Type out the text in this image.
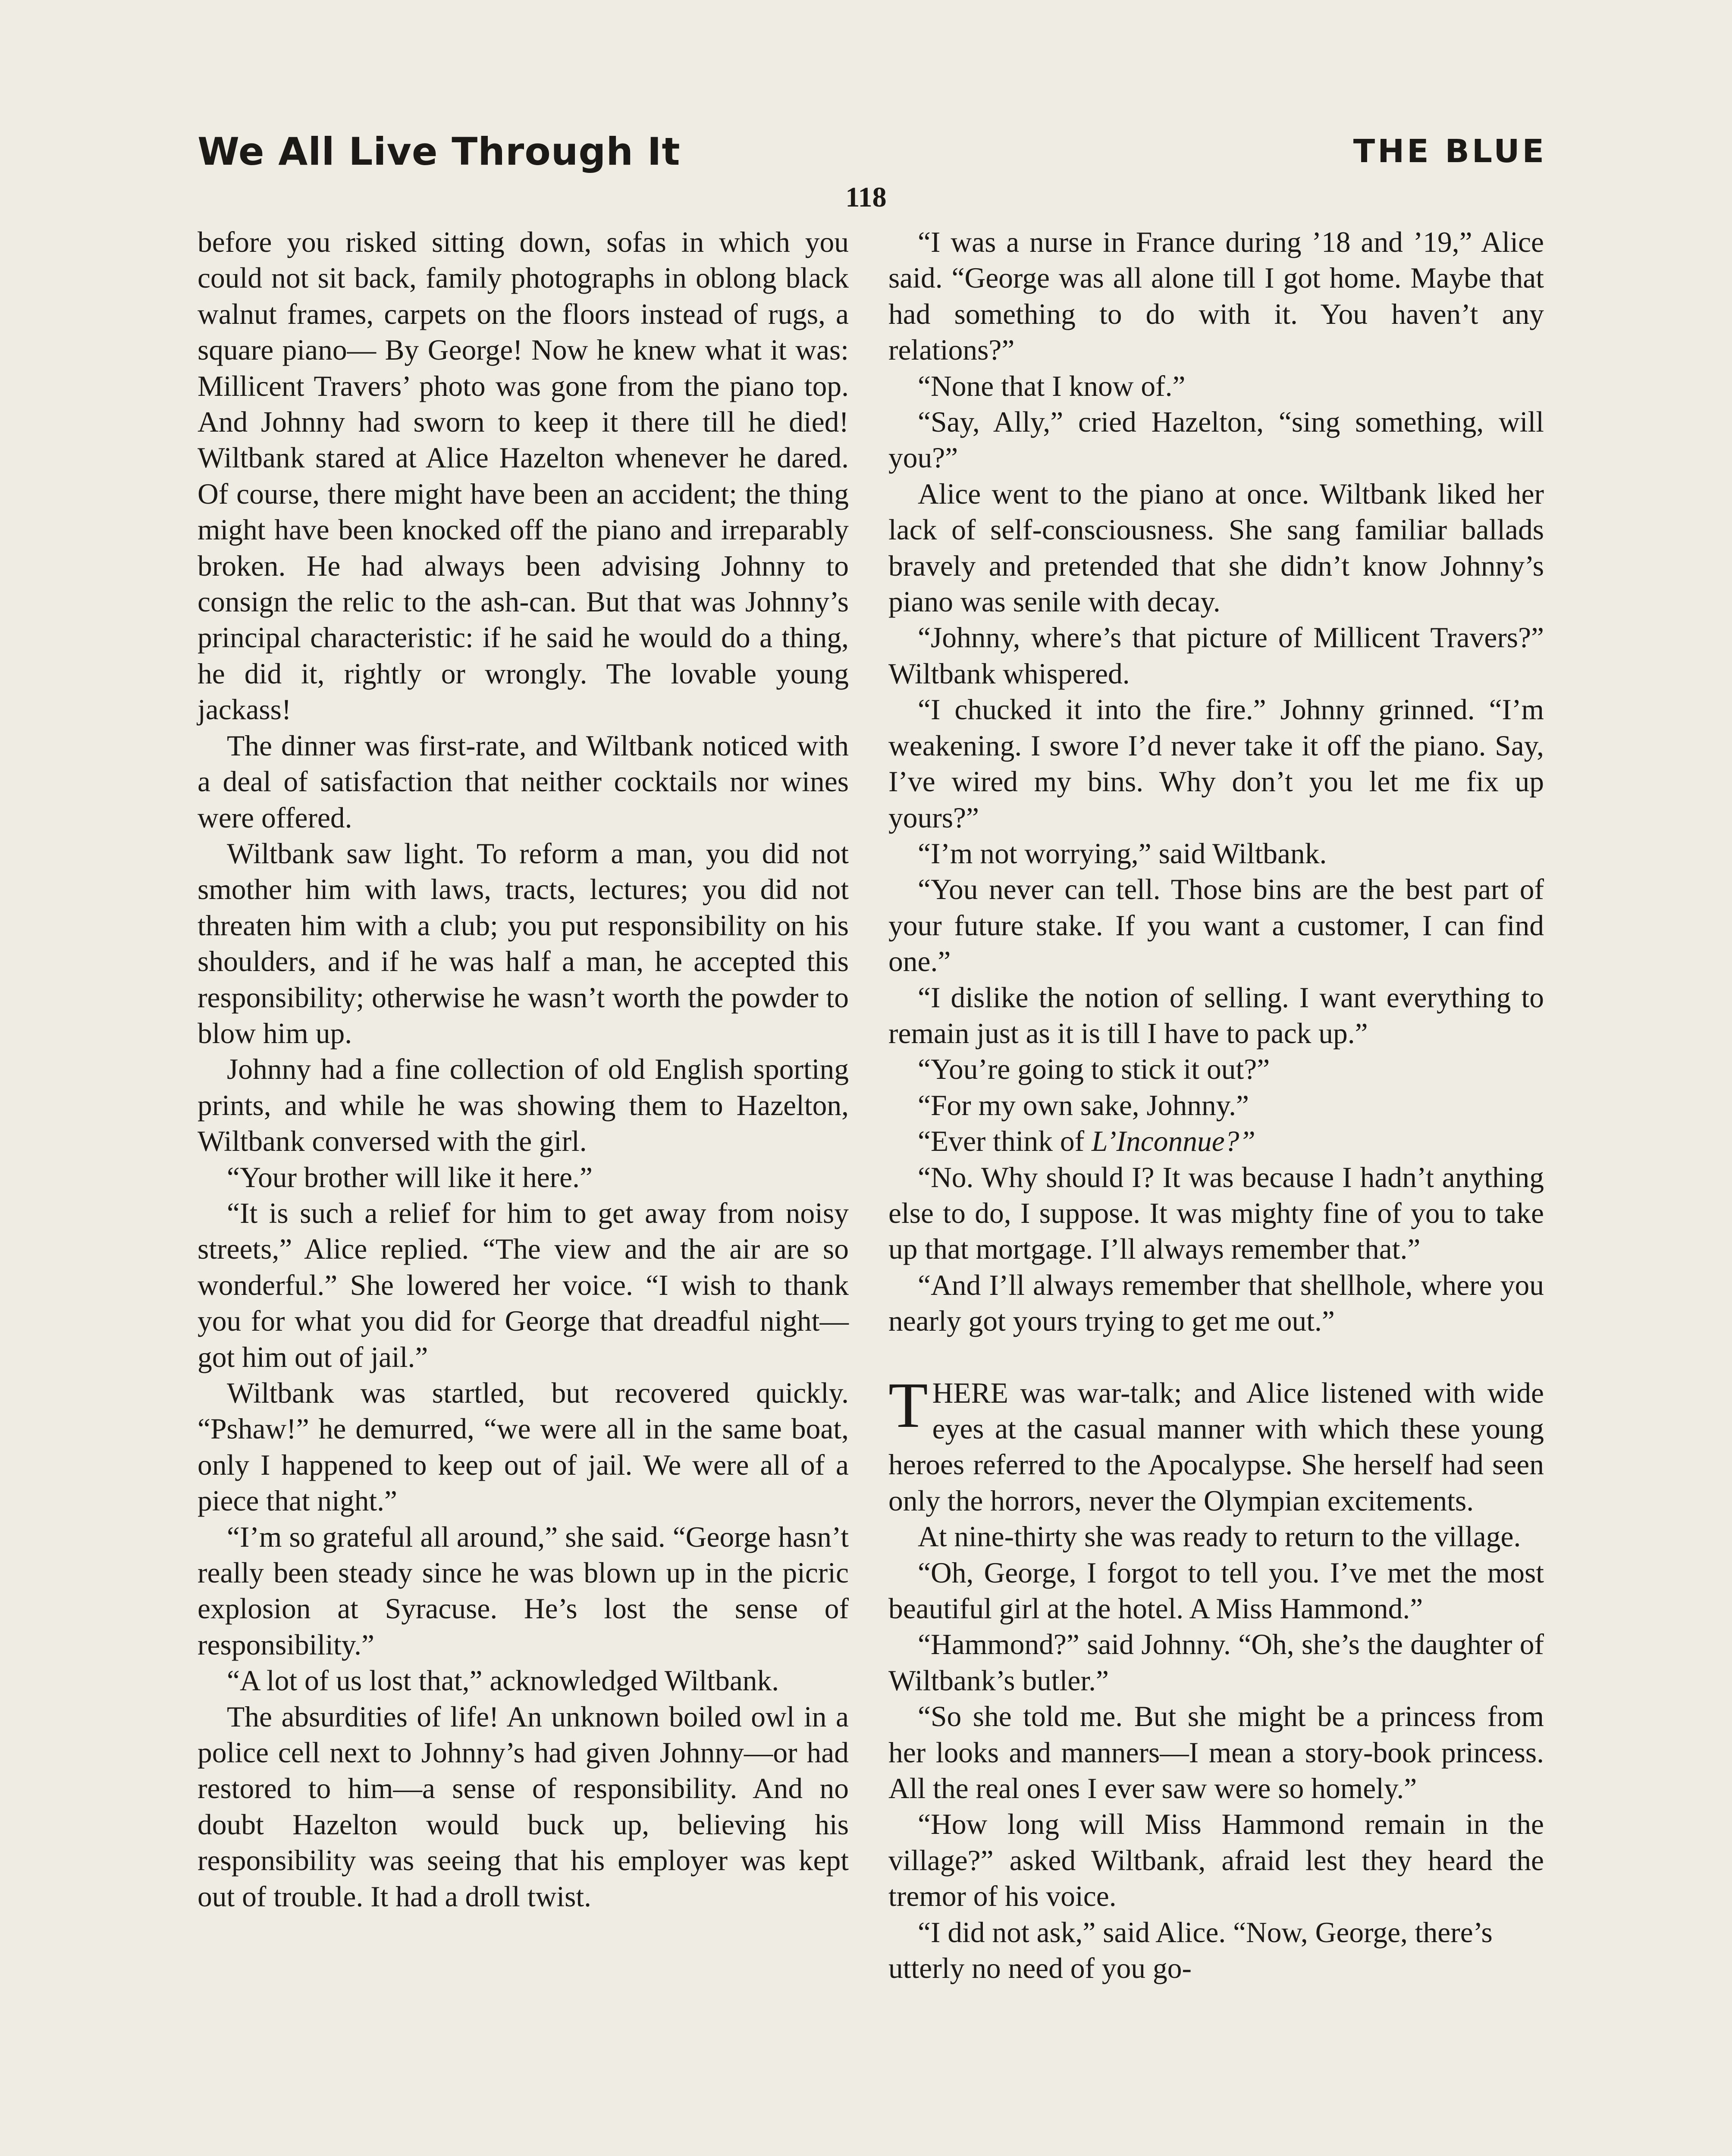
We All Live Through It	THE BLUE
118

before you risked sitting down, sofas in which you could not sit back, family photographs in oblong black walnut frames, carpets on the floors instead of rugs, a square piano— By George! Now he knew what it was: Millicent Travers’ photo was gone from the piano top. And Johnny had sworn to keep it there till he died! Wiltbank stared at Alice Hazelton whenever he dared. Of course, there might have been an accident; the thing might have been knocked off the piano and irreparably broken. He had always been advising Johnny to consign the relic to the ash-can. But that was Johnny’s principal characteristic: if he said he would do a thing, he did it, rightly or wrongly. The lovable young jackass!

The dinner was first-rate, and Wiltbank noticed with a deal of satisfaction that neither cocktails nor wines were offered.

Wiltbank saw light. To reform a man, you did not smother him with laws, tracts, lectures; you did not threaten him with a club; you put responsibility on his shoulders, and if he was half a man, he accepted this responsibility; otherwise he wasn’t worth the powder to blow him up.

Johnny had a fine collection of old English sporting prints, and while he was showing them to Hazelton, Wiltbank conversed with the girl.

“Your brother will like it here.”

“It is such a relief for him to get away from noisy streets,” Alice replied. “The view and the air are so wonderful.” She lowered her voice. “I wish to thank you for what you did for George that dreadful night—got him out of jail.”

Wiltbank was startled, but recovered quickly. “Pshaw!” he demurred, “we were all in the same boat, only I happened to keep out of jail. We were all of a piece that night.”

“I’m so grateful all around,” she said. “George hasn’t really been steady since he was blown up in the picric explosion at Syracuse. He’s lost the sense of responsibility.”

“A lot of us lost that,” acknowledged Wiltbank.

The absurdities of life! An unknown boiled owl in a police cell next to Johnny’s had given Johnny—or had restored to him—a sense of responsibility. And no doubt Hazelton would buck up, believing his responsibility was seeing that his employer was kept out of trouble. It had a droll twist.

“I was a nurse in France during ’18 and ’19,” Alice said. “George was all alone till I got home. Maybe that had something to do with it. You haven’t any relations?”

“None that I know of.”

“Say, Ally,” cried Hazelton, “sing something, will you?”

Alice went to the piano at once. Wiltbank liked her lack of self-consciousness. She sang familiar ballads bravely and pretended that she didn’t know Johnny’s piano was senile with decay.

“Johnny, where’s that picture of Millicent Travers?” Wiltbank whispered.

“I chucked it into the fire.” Johnny grinned. “I’m weakening. I swore I’d never take it off the piano. Say, I’ve wired my bins. Why don’t you let me fix up yours?”

“I’m not worrying,” said Wiltbank.

“You never can tell. Those bins are the best part of your future stake. If you want a customer, I can find one.”

“I dislike the notion of selling. I want everything to remain just as it is till I have to pack up.”

“You’re going to stick it out?”

“For my own sake, Johnny.”

“Ever think of L’Inconnue?”

“No. Why should I? It was because I hadn’t anything else to do, I suppose. It was mighty fine of you to take up that mortgage. I’ll always remember that.”

“And I’ll always remember that shellhole, where you nearly got yours trying to get me out.”

THERE was war-talk; and Alice listened with wide eyes at the casual manner with which these young heroes referred to the Apocalypse. She herself had seen only the horrors, never the Olympian excitements.

At nine-thirty she was ready to return to the village.

“Oh, George, I forgot to tell you. I’ve met the most beautiful girl at the hotel. A Miss Hammond.”

“Hammond?” said Johnny. “Oh, she’s the daughter of Wiltbank’s butler.”

“So she told me. But she might be a princess from her looks and manners—I mean a story-book princess. All the real ones I ever saw were so homely.”

“How long will Miss Hammond remain in the village?” asked Wiltbank, afraid lest they heard the tremor of his voice.

“I did not ask,” said Alice. “Now, George, there’s utterly no need of you go-
